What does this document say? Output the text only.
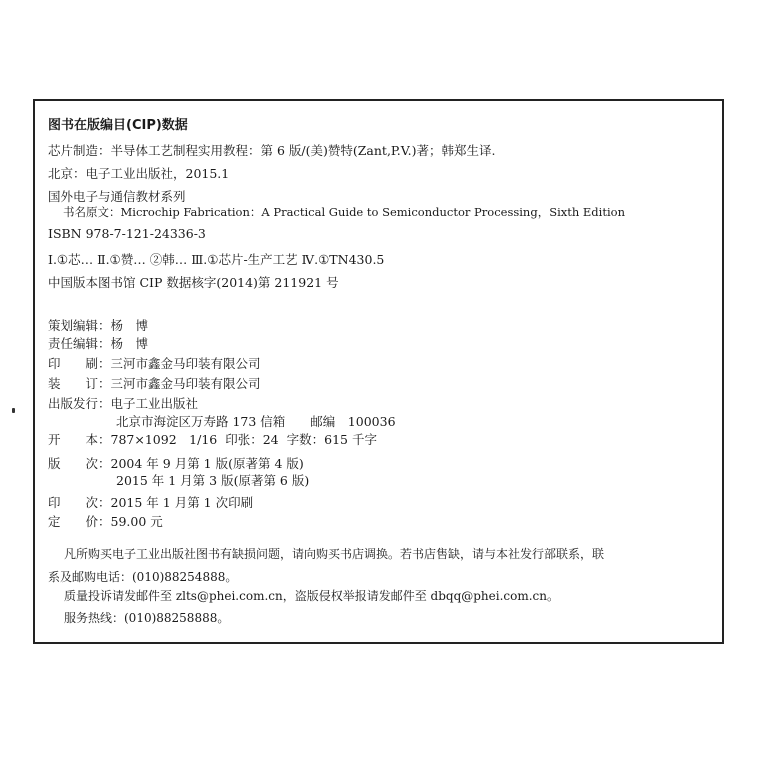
图书在版编目(CIP)数据
芯片制造：半导体工艺制程实用教程：第 6 版/(美)赞特(Zant,P.V.)著；韩郑生译.
北京：电子工业出版社，2015.1
国外电子与通信教材系列
书名原文：Microchip Fabrication：A Practical Guide to Semiconductor Processing，Sixth Edition
ISBN 978-7-121-24336-3
Ⅰ.①芯… Ⅱ.①赞… ②韩… Ⅲ.①芯片-生产工艺 Ⅳ.①TN430.5
中国版本图书馆 CIP 数据核字(2014)第 211921 号
策划编辑：杨　博
责任编辑：杨　博
印　　刷：三河市鑫金马印装有限公司
装　　订：三河市鑫金马印装有限公司
出版发行：电子工业出版社
北京市海淀区万寿路 173 信箱　　邮编　100036
开　　本：787×1092　1/16 印张：24 字数：615 千字
版　　次：2004 年 9 月第 1 版(原著第 4 版)
2015 年 1 月第 3 版(原著第 6 版)
印　　次：2015 年 1 月第 1 次印刷
定　　价：59.00 元
凡所购买电子工业出版社图书有缺损问题，请向购买书店调换。若书店售缺，请与本社发行部联系，联
系及邮购电话：(010)88254888。
质量投诉请发邮件至 zlts@phei.com.cn，盗版侵权举报请发邮件至 dbqq@phei.com.cn。
服务热线：(010)88258888。
